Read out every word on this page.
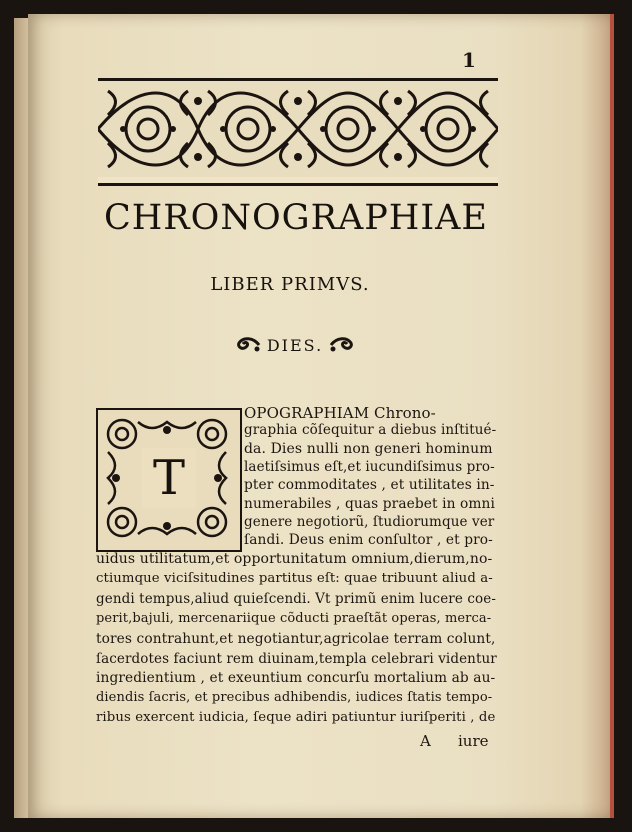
1
CHRONOGRAPHIAE
LIBER PRIMVS.
DIES.
T
OPOGRAPHIAM Chrono-
graphia cõſequitur a diebus inſtitué-
da. Dies nulli non generi hominum
laetiſsimus eſt,et iucundiſsimus pro-
pter commoditates , et utilitates in-
numerabiles , quas praebet in omni
genere negotiorũ, ſtudiorumque ver
ſandi. Deus enim conſultor , et pro-
uidus utilitatum,et opportunitatum omnium,dierum,no-
ctiumque viciſsitudines partitus eſt: quae tribuunt aliud a-
gendi tempus,aliud quieſcendi. Vt primũ enim lucere coe-
perit,bajuli, mercenariique cõducti praeſtãt operas, merca-
tores contrahunt,et negotiantur,agricolae terram colunt,
ſacerdotes faciunt rem diuinam,templa celebrari videntur
ingredientium , et exeuntium concurſu mortalium ab au-
diendis ſacris, et precibus adhibendis, iudices ſtatis tempo-
ribus exercent iudicia, ſeque adiri patiuntur iuriſperiti , de
A iure
